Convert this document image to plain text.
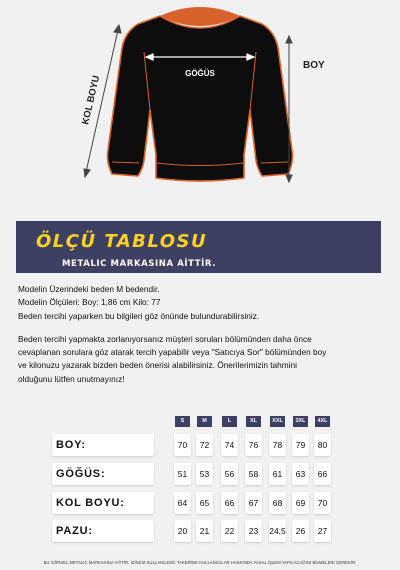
GÖĞÜS
BOY
KOL BOYU
ÖLÇÜ TABLOSU
METALIC MARKASINA AİTTİR.

Modelin Üzerindeki beden M bedendir.

Modelin Ölçüleri: Boy: 1,86 cm Kilo: 77

Beden tercihi yaparken bu bilgileri göz önünde bulundurabilirsiniz.

Beden tercihi yapmakta zorlanıyorsanız müşteri soruları bölümünden daha önce

cevaplanan sorulara göz atarak tercih yapabilir veya "Satıcıya Sor" bölümünden boy

ve kilonuzu yazarak bizden beden önerisi alabilirsiniz. Önerilerimizin tahmini

olduğunu lütfen unutmayınız!

S	M	L	XL	XXL	3XL	4XL
BOY:	70	72	74	76	78	79	80
GÖĞÜS:	51	53	56	58	61	63	66
KOL BOYU:	64	65	66	67	68	69	70
PAZU:	20	21	22	23	24,5	26	27
BU GÖRSEL METALIC MARKASINA AİTTİR. İZİNSİZ KULLANILDIĞI TAKDİRDE KULLANICILAR HAKKINDA YASAL İŞLEM YAPILACAĞINI BİLMELERİ GEREKİR.
